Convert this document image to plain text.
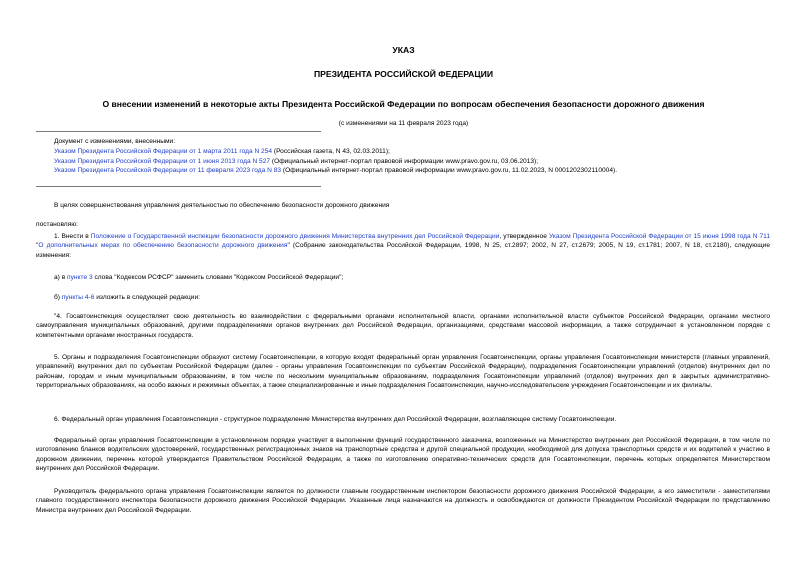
УКАЗ
ПРЕЗИДЕНТА РОССИЙСКОЙ ФЕДЕРАЦИИ
О внесении изменений в некоторые акты Президента Российской Федерации по вопросам обеспечения безопасности дорожного движения
(с изменениями на 11 февраля 2023 года)
Документ с изменениями, внесенными:
Указом Президента Российской Федерации от 1 марта 2011 года N 254 (Российская газета, N 43, 02.03.2011);
Указом Президента Российской Федерации от 1 июня 2013 года N 527 (Официальный интернет-портал правовой информации www.pravo.gov.ru, 03.06.2013);
Указом Президента Российской Федерации от 11 февраля 2023 года N 83 (Официальный интернет-портал правовой информации www.pravo.gov.ru, 11.02.2023, N 0001202302110004).
В целях совершенствования управления деятельностью по обеспечению безопасности дорожного движения
постановляю:
1. Внести в Положение о Государственной инспекции безопасности дорожного движения Министерства внутренних дел Российской Федерации, утвержденное Указом Президента Российской Федерации от 15 июня 1998 года N 711 "О дополнительных мерах по обеспечению безопасности дорожного движения" (Собрание законодательства Российской Федерации, 1998, N 25, ст.2897; 2002, N 27, ст.2679; 2005, N 19, ст.1781; 2007, N 18, ст.2180), следующие изменения:
а) в пункте 3 слова "Кодексом РСФСР" заменить словами "Кодексом Российской Федерации";
б) пункты 4-6 изложить в следующей редакции:
"4. Госавтоинспекция осуществляет свою деятельность во взаимодействии с федеральными органами исполнительной власти, органами исполнительной власти субъектов Российской Федерации, органами местного самоуправления муниципальных образований, другими подразделениями органов внутренних дел Российской Федерации, организациями, средствами массовой информации, а также сотрудничает в установленном порядке с компетентными органами иностранных государств.
5. Органы и подразделения Госавтоинспекции образуют систему Госавтоинспекции, в которую входят федеральный орган управления Госавтоинспекции, органы управления Госавтоинспекции министерств (главных управлений, управлений) внутренних дел по субъектам Российской Федерации (далее - органы управления Госавтоинспекции по субъектам Российской Федерации), подразделения Госавтоинспекции управлений (отделов) внутренних дел по районам, городам и иным муниципальным образованиям, в том числе по нескольким муниципальным образованиям, подразделения Госавтоинспекции управлений (отделов) внутренних дел в закрытых административно-территориальных образованиях, на особо важных и режимных объектах, а также специализированные и иные подразделения Госавтоинспекции, научно-исследовательские учреждения Госавтоинспекции и их филиалы.
6. Федеральный орган управления Госавтоинспекции - структурное подразделение Министерства внутренних дел Российской Федерации, возглавляющее систему Госавтоинспекции.
Федеральный орган управления Госавтоинспекции в установленном порядке участвует в выполнении функций государственного заказчика, возложенных на Министерство внутренних дел Российской Федерации, в том числе по изготовлению бланков водительских удостоверений, государственных регистрационных знаков на транспортные средства и другой специальной продукции, необходимой для допуска транспортных средств и их водителей к участию в дорожном движении, перечень которой утверждается Правительством Российской Федерации, а также по изготовлению оперативно-технических средств для Госавтоинспекции, перечень которых определяется Министерством внутренних дел Российской Федерации.
Руководитель федерального органа управления Госавтоинспекции является по должности главным государственным инспектором безопасности дорожного движения Российской Федерации, а его заместители - заместителями главного государственного инспектора безопасности дорожного движения Российской Федерации. Указанные лица назначаются на должность и освобождаются от должности Президентом Российской Федерации по представлению Министра внутренних дел Российской Федерации.
